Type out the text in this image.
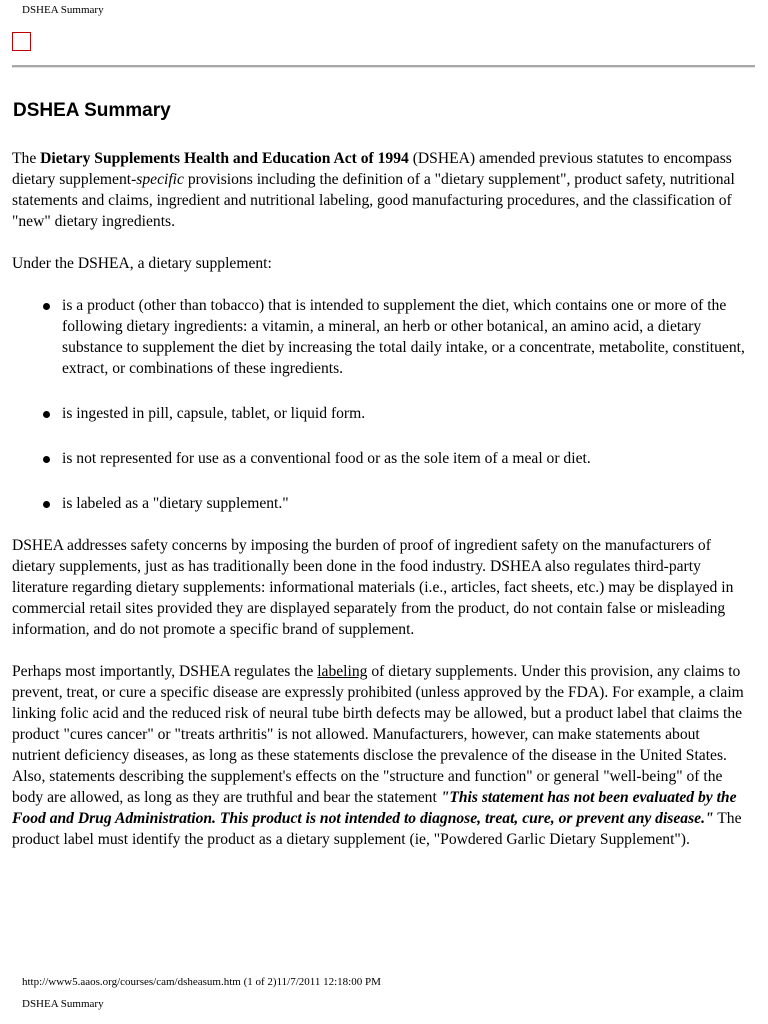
DSHEA Summary
DSHEA Summary

The Dietary Supplements Health and Education Act of 1994 (DSHEA) amended previous statutes to encompass dietary supplement-specific provisions including the definition of a "dietary supplement", product safety, nutritional statements and claims, ingredient and nutritional labeling, good manufacturing procedures, and the classification of "new" dietary ingredients.

Under the DSHEA, a dietary supplement:

is a product (other than tobacco) that is intended to supplement the diet, which contains one or more of the following dietary ingredients: a vitamin, a mineral, an herb or other botanical, an amino acid, a dietary substance to supplement the diet by increasing the total daily intake, or a concentrate, metabolite, constituent, extract, or combinations of these ingredients.
is ingested in pill, capsule, tablet, or liquid form.
is not represented for use as a conventional food or as the sole item of a meal or diet.
is labeled as a "dietary supplement."

DSHEA addresses safety concerns by imposing the burden of proof of ingredient safety on the manufacturers of dietary supplements, just as has traditionally been done in the food industry. DSHEA also regulates third-party literature regarding dietary supplements: informational materials (i.e., articles, fact sheets, etc.) may be displayed in commercial retail sites provided they are displayed separately from the product, do not contain false or misleading information, and do not promote a specific brand of supplement.

Perhaps most importantly, DSHEA regulates the labeling of dietary supplements. Under this provision, any claims to prevent, treat, or cure a specific disease are expressly prohibited (unless approved by the FDA). For example, a claim linking folic acid and the reduced risk of neural tube birth defects may be allowed, but a product label that claims the product "cures cancer" or "treats arthritis" is not allowed. Manufacturers, however, can make statements about nutrient deficiency diseases, as long as these statements disclose the prevalence of the disease in the United States. Also, statements describing the supplement's effects on the "structure and function" or general "well-being" of the body are allowed, as long as they are truthful and bear the statement "This statement has not been evaluated by the Food and Drug Administration. This product is not intended to diagnose, treat, cure, or prevent any disease." The product label must identify the product as a dietary supplement (ie, "Powdered Garlic Dietary Supplement").

http://www5.aaos.org/courses/cam/dsheasum.htm (1 of 2)11/7/2011 12:18:00 PM
DSHEA Summary
